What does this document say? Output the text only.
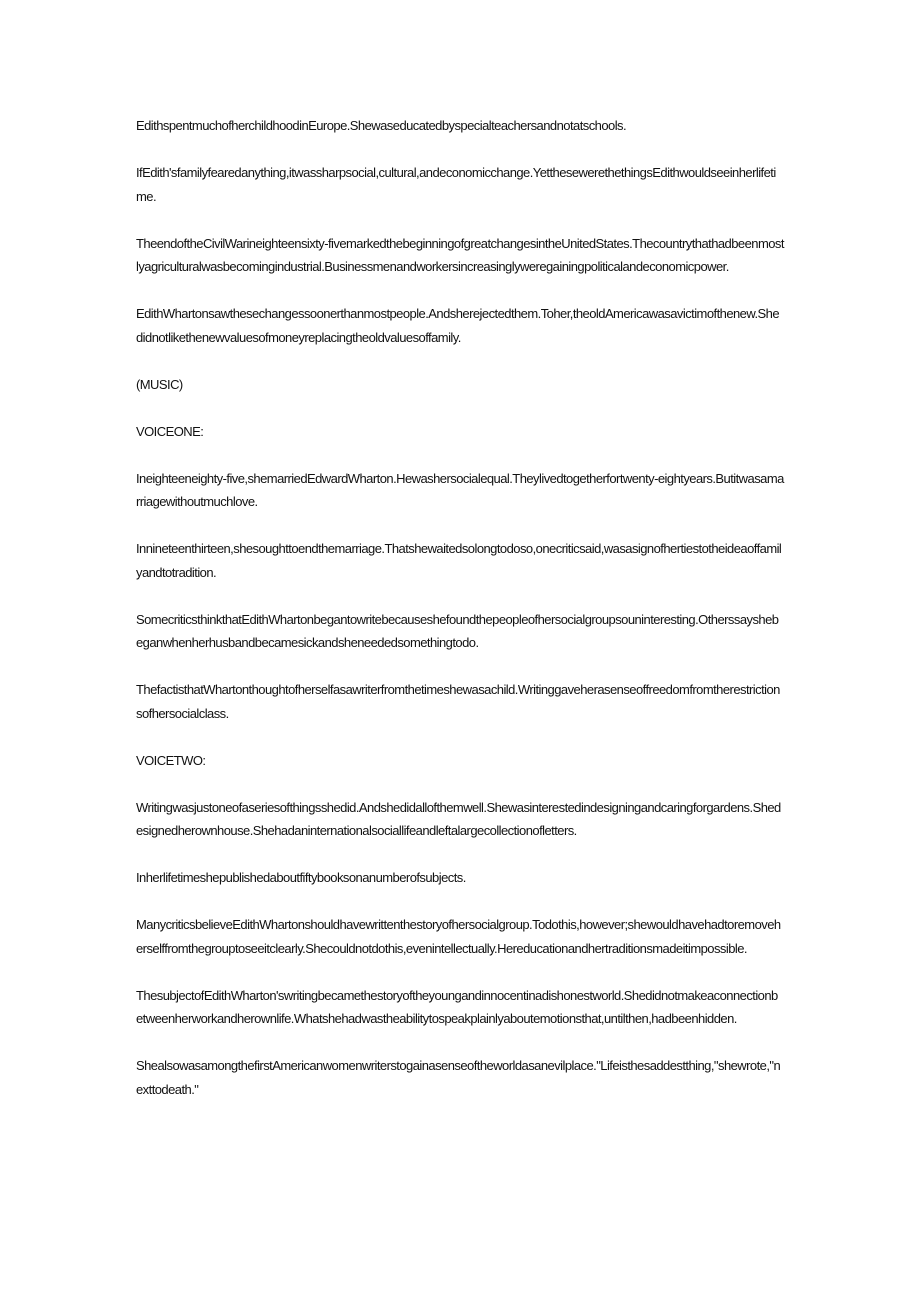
EdithspentmuchofherchildhoodinEurope.Shewaseducatedbyspecialteachersandnotatschools.

IfEdith'sfamilyfearedanything,itwassharpsocial,cultural,andeconomicchange.YetthesewerethethingsEdithwouldseeinherlifetime.

TheendoftheCivilWarineighteensixty-fivemarkedthebeginningofgreatchangesintheUnitedStates.Thecountrythathadbeenmostlyagriculturalwasbecomingindustrial.Businessmenandworkersincreasinglyweregainingpoliticalandeconomicpower.

EdithWhartonsawthesechangessoonerthanmostpeople.Andsherejectedthem.Toher,theoldAmericawasavictimofthenew.Shedidnotlikethenewvaluesofmoneyreplacingtheoldvaluesoffamily.

(MUSIC)

VOICEONE:

Ineighteeneighty-five,shemarriedEdwardWharton.Hewashersocialequal.Theylivedtogetherfortwenty-eightyears.Butitwasamarriagewithoutmuchlove.

Innineteenthirteen,shesoughttoendthemarriage.Thatshewaitedsolongtodoso,onecriticsaid,wasasignofhertiestotheideaoffamilyandtotradition.

SomecriticsthinkthatEdithWhartonbegantowritebecauseshefoundthepeopleofhersocialgroupsouninteresting.Otherssayshebeganwhenherhusbandbecamesickandsheneededsomethingtodo.

ThefactisthatWhartonthoughtofherselfasawriterfromthetimeshewasachild.Writinggaveherasenseoffreedomfromtherestrictionsofhersocialclass.

VOICETWO:

Writingwasjustoneofaseriesofthingsshedid.Andshedidallofthemwell.Shewasinterestedindesigningandcaringforgardens.Shedesignedherownhouse.Shehadaninternationalsociallifeandleftalargecollectionofletters.

Inherlifetimeshepublishedaboutfiftybooksonanumberofsubjects.

ManycriticsbelieveEdithWhartonshouldhavewrittenthestoryofhersocialgroup.Todothis,however;shewouldhavehadtoremoveherselffromthegrouptoseeitclearly.Shecouldnotdothis,evenintellectually.Hereducationandhertraditionsmadeitimpossible.

ThesubjectofEdithWharton'swritingbecamethestoryoftheyoungandinnocentinadishonestworld.Shedidnotmakeaconnectionbetweenherworkandherownlife.Whatshehadwastheabilitytospeakplainlyaboutemotionsthat,untilthen,hadbeenhidden.

ShealsowasamongthefirstAmericanwomenwriterstogainasenseoftheworldasanevilplace."Lifeisthesaddestthing,"shewrote,"nexttodeath."
